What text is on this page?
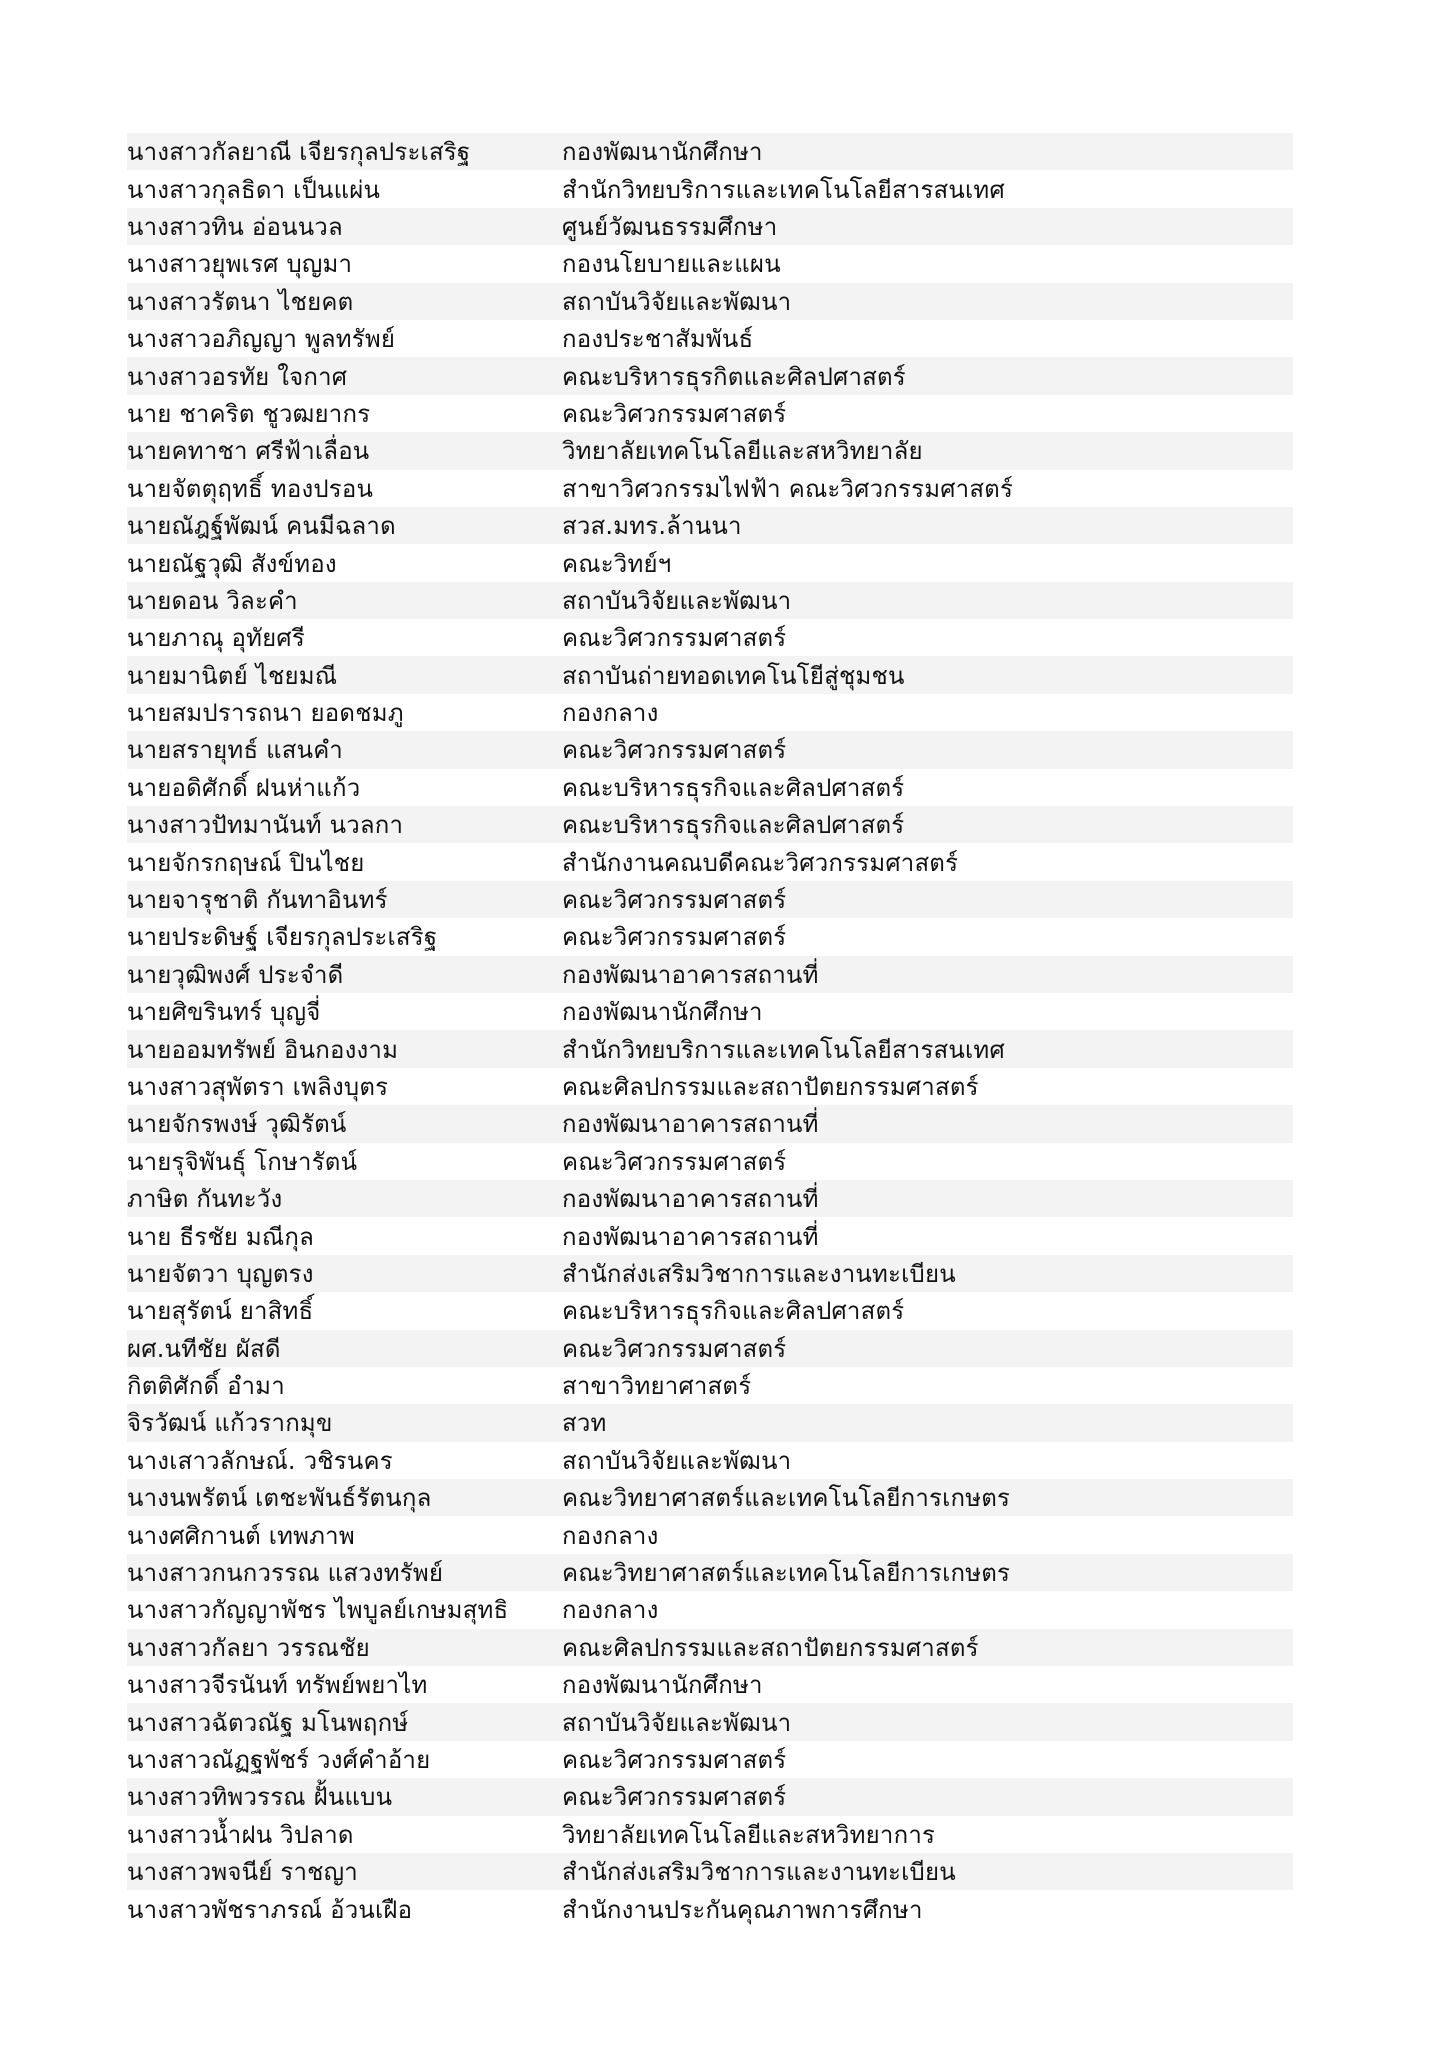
นางสาวกัลยาณี เจียรกุลประเสริฐ	กองพัฒนานักศึกษา
นางสาวกุลธิดา เป็นแผ่น	สำนักวิทยบริการและเทคโนโลยีสารสนเทศ
นางสาวทิน อ่อนนวล	ศูนย์วัฒนธรรมศึกษา
นางสาวยุพเรศ บุญมา	กองนโยบายและแผน
นางสาวรัตนา ไชยคต	สถาบันวิจัยและพัฒนา
นางสาวอภิญญา พูลทรัพย์	กองประชาสัมพันธ์
นางสาวอรทัย ใจกาศ	คณะบริหารธุรกิตและศิลปศาสตร์
นาย ชาคริต ชูวฒยากร	คณะวิศวกรรมศาสตร์
นายคทาชา ศรีฟ้าเลื่อน	วิทยาลัยเทคโนโลยีและสหวิทยาลัย
นายจัตตุฤทธิ์ ทองปรอน	สาขาวิศวกรรมไฟฟ้า คณะวิศวกรรมศาสตร์
นายณัฎฐ์พัฒน์ คนมีฉลาด	สวส.มทร.ล้านนา
นายณัฐวุฒิ สังข์ทอง	คณะวิทย์ฯ
นายดอน วิละคำ	สถาบันวิจัยและพัฒนา
นายภาณุ อุทัยศรี	คณะวิศวกรรมศาสตร์
นายมานิตย์ ไชยมณี	สถาบันถ่ายทอดเทคโนโยีสู่ชุมชน
นายสมปรารถนา ยอดชมภู	กองกลาง
นายสรายุทธ์ แสนคำ	คณะวิศวกรรมศาสตร์
นายอดิศักดิ์ ฝนห่าแก้ว	คณะบริหารธุรกิจและศิลปศาสตร์
นางสาวปัทมานันท์ นวลกา	คณะบริหารธุรกิจและศิลปศาสตร์
นายจักรกฤษณ์ ปินไชย	สำนักงานคณบดีคณะวิศวกรรมศาสตร์
นายจารุชาติ กันทาอินทร์	คณะวิศวกรรมศาสตร์
นายประดิษฐ์ เจียรกุลประเสริฐ	คณะวิศวกรรมศาสตร์
นายวุฒิพงศ์ ประจำดี	กองพัฒนาอาคารสถานที่
นายศิขรินทร์ บุญจี่	กองพัฒนานักศึกษา
นายออมทรัพย์ อินกองงาม	สำนักวิทยบริการและเทคโนโลยีสารสนเทศ
นางสาวสุพัตรา เพลิงบุตร	คณะศิลปกรรมและสถาปัตยกรรมศาสตร์
นายจักรพงษ์ วุฒิรัตน์	กองพัฒนาอาคารสถานที่
นายรุจิพันธุ์ โกษารัตน์	คณะวิศวกรรมศาสตร์
ภาษิต กันทะวัง	กองพัฒนาอาคารสถานที่
นาย ธีรชัย มณีกุล	กองพัฒนาอาคารสถานที่
นายจัตวา บุญตรง	สำนักส่งเสริมวิชาการและงานทะเบียน
นายสุรัตน์ ยาสิทธิ์	คณะบริหารธุรกิจและศิลปศาสตร์
ผศ.นทีชัย ผัสดี	คณะวิศวกรรมศาสตร์
กิตติศักดิ์ อำมา	สาขาวิทยาศาสตร์
จิรวัฒน์ แก้วรากมุข	สวท
นางเสาวลักษณ์. วชิรนคร	สถาบันวิจัยและพัฒนา
นางนพรัตน์ เตชะพันธ์รัตนกุล	คณะวิทยาศาสตร์และเทคโนโลยีการเกษตร
นางศศิกานต์ เทพภาพ	กองกลาง
นางสาวกนกวรรณ แสวงทรัพย์	คณะวิทยาศาสตร์และเทคโนโลยีการเกษตร
นางสาวกัญญาพัชร ไพบูลย์เกษมสุทธิ	กองกลาง
นางสาวกัลยา วรรณชัย	คณะศิลปกรรมและสถาปัตยกรรมศาสตร์
นางสาวจีรนันท์ ทรัพย์พยาไท	กองพัฒนานักศึกษา
นางสาวฉัตวณัฐ มโนพฤกษ์	สถาบันวิจัยและพัฒนา
นางสาวณัฏฐพัชร์ วงศ์คำอ้าย	คณะวิศวกรรมศาสตร์
นางสาวทิพวรรณ ฝั้นแบน	คณะวิศวกรรมศาสตร์
นางสาวน้ำฝน วิปลาด	วิทยาลัยเทคโนโลยีและสหวิทยาการ
นางสาวพจนีย์ ราชญา	สำนักส่งเสริมวิชาการและงานทะเบียน
นางสาวพัชราภรณ์ อ้วนเฝือ	สำนักงานประกันคุณภาพการศึกษา
